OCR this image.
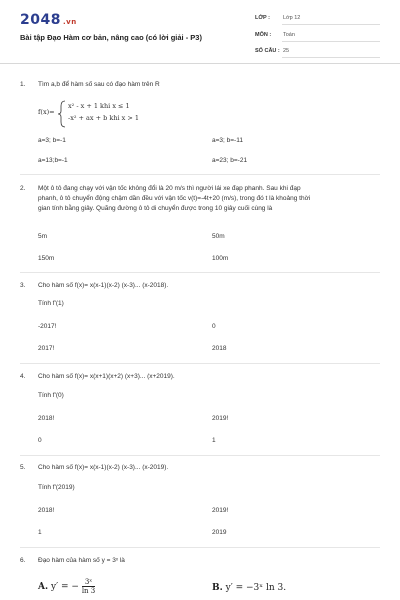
2048 .vn
Bài tập Đạo Hàm cơ bản, nâng cao (có lời giải - P3)
LỚP : Lớp 12
MÔN : Toán
SỐ CÂU : 25
1.	Tìm a,b để hàm số sau có đạo hàm trên R
f(x)=
x² - x + 1 khi x ≤ 1
-x² + ax + b khi x > 1
a=3; b=-1	a=3; b=-11
a=13;b=-1	a=23; b=-21
2.	Một ô tô đang chạy với vận tốc không đổi là 20 m/s thì người lái xe đạp phanh. Sau khi đạp
phanh, ô tô chuyển động chậm dần đều với vận tốc v(t)=-4t+20 (m/s), trong đó t là khoảng thời
gian tính bằng giây. Quãng đường ô tô di chuyển được trong 10 giây cuối cùng là
5m	50m
150m	100m
3.	Cho hàm số f(x)= x(x-1)(x-2) (x-3)... (x-2018).
Tính f'(1)
-2017!	0
2017!	2018
4.	Cho hàm số f(x)= x(x+1)(x+2) (x+3)... (x+2019).
Tính f'(0)
2018!	2019!
0	1
5.	Cho hàm số f(x)= x(x-1)(x-2) (x-3)... (x-2019).
Tính f'(2019)
2018!	2019!
1	2019
6.	Đạo hàm của hàm số y = 3ˣ là
A. y′ = − $\frac{\text{3ˣ}}{\ln 3}$	B. y′ = −3ˣ ln 3.
